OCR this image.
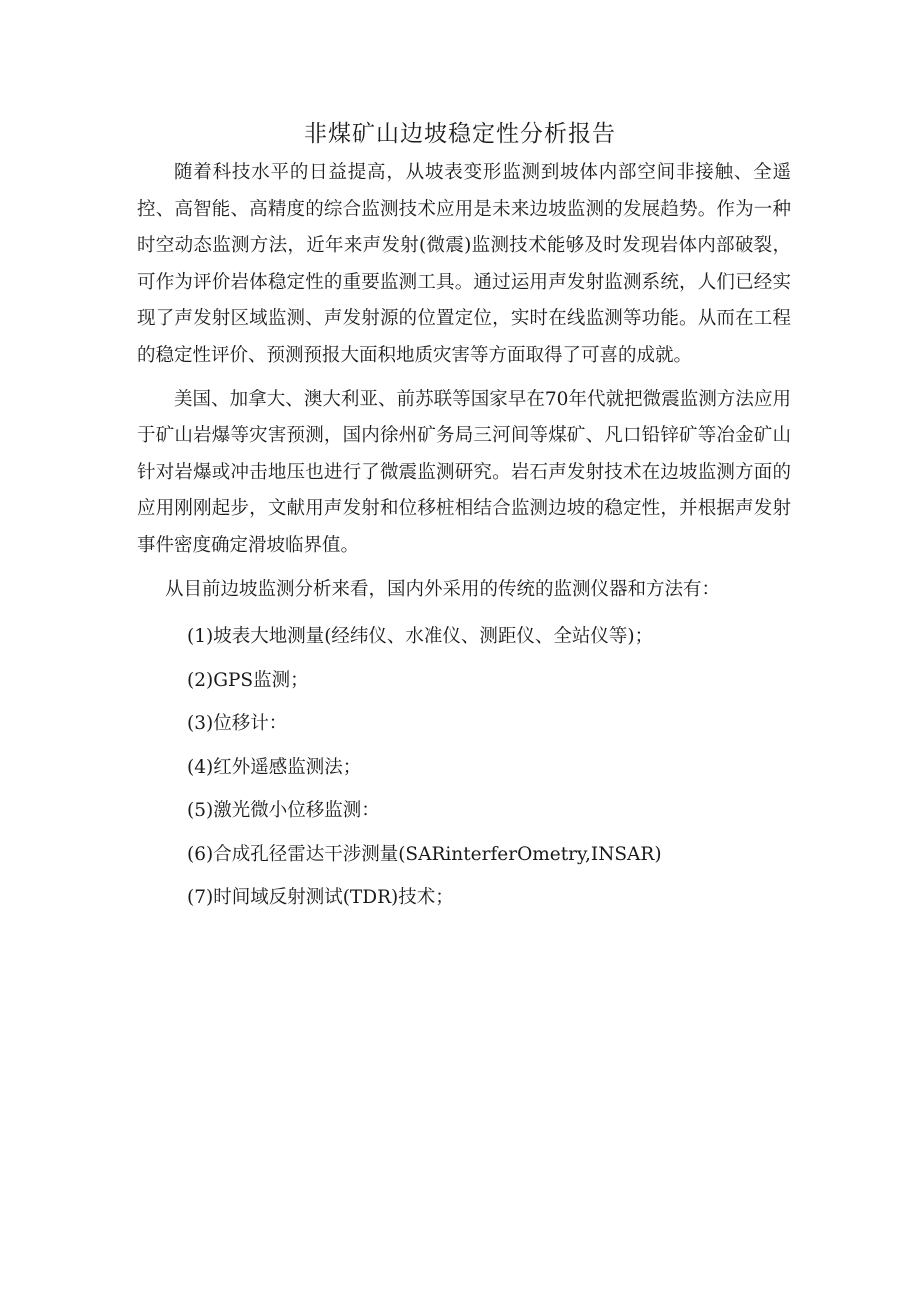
非煤矿山边坡稳定性分析报告

随着科技水平的日益提高，从坡表变形监测到坡体内部空间非接触、全遥控、高智能、高精度的综合监测技术应用是未来边坡监测的发展趋势。作为一种时空动态监测方法，近年来声发射(微震)监测技术能够及时发现岩体内部破裂，可作为评价岩体稳定性的重要监测工具。通过运用声发射监测系统，人们已经实现了声发射区域监测、声发射源的位置定位，实时在线监测等功能。从而在工程的稳定性评价、预测预报大面积地质灾害等方面取得了可喜的成就。

美国、加拿大、澳大利亚、前苏联等国家早在70年代就把微震监测方法应用于矿山岩爆等灾害预测，国内徐州矿务局三河间等煤矿、凡口铅锌矿等冶金矿山针对岩爆或冲击地压也进行了微震监测研究。岩石声发射技术在边坡监测方面的应用刚刚起步，文献用声发射和位移桩相结合监测边坡的稳定性，并根据声发射事件密度确定滑坡临界值。

从目前边坡监测分析来看，国内外采用的传统的监测仪器和方法有：

(1)坡表大地测量(经纬仪、水准仪、测距仪、全站仪等)；

(2)GPS监测；

(3)位移计：

(4)红外遥感监测法；

(5)激光微小位移监测：

(6)合成孔径雷达干涉测量(SARinterferOmetry,INSAR)

(7)时间域反射测试(TDR)技术；
